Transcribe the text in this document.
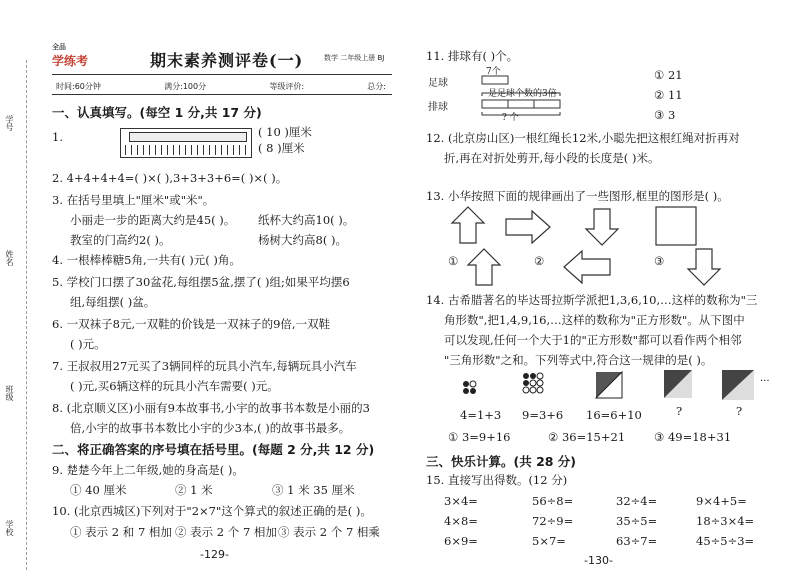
学号
姓名
班级
学校
全品
学练考	期末素养测评卷(一)	数学 二年级上册 BJ
时间:60分钟	满分:100分	等级评价:	总分:
一、认真填写。(每空 1 分,共 17 分)
1.	( 10 )厘米
( 8 )厘米
2. 4+4+4+4=( )×( ),3+3+3+6=( )×( )。
3. 在括号里填上"厘米"或"米"。
小丽走一步的距离大约是45( )。 纸杯大约高10( )。
教室的门高约2( )。	杨树大约高8( )。
4. 一根棒棒糖5角,一共有( )元( )角。
5. 学校门口摆了30盆花,每组摆5盆,摆了( )组;如果平均摆6
组,每组摆( )盆。
6. 一双袜子8元,一双鞋的价钱是一双袜子的9倍,一双鞋
( )元。
7. 王叔叔用27元买了3辆同样的玩具小汽车,每辆玩具小汽车
( )元,买6辆这样的玩具小汽车需要( )元。
8. (北京顺义区)小丽有9本故事书,小宇的故事书本数是小丽的3
倍,小宇的故事书本数比小宇的少3本,( )的故事书最多。
二、将正确答案的序号填在括号里。(每题 2 分,共 12 分)
9. 楚楚今年上二年级,她的身高是( )。
① 40 厘米	② 1 米	③ 1 米 35 厘米
10. (北京西城区)下列对于"2×7"这个算式的叙述正确的是( )。
① 表示 2 和 7 相加 ② 表示 2 个 7 相加 ③ 表示 2 个 7 相乘
-129-
11. 排球有( )个。
足球
排球
7个
是足球个数的3倍
? 个
① 21
② 11
③ 3
12. (北京房山区)一根红绳长12米,小聪先把这根红绳对折再对
折,再在对折处剪开,每小段的长度是( )米。
13. 小华按照下面的规律画出了一些图形,框里的图形是( )。
①	②	③
14. 古希腊著名的毕达哥拉斯学派把1,3,6,10,…这样的数称为"三
角形数",把1,4,9,16,…这样的数称为"正方形数"。从下图中
可以发现,任何一个大于1的"正方形数"都可以看作两个相邻
"三角形数"之和。下列等式中,符合这一规律的是( )。
···
4=1+3 9=3+6 16=6+10	?	?
① 3=9+16	② 36=15+21	③ 49=18+31
三、快乐计算。(共 28 分)
15. 直接写出得数。(12 分)
3×4=	56÷8=	32÷4=	9×4+5=
4×8=	72÷9=	35÷5=	18÷3×4=
6×9=	5×7=	63÷7=	45÷5÷3=
-130-
